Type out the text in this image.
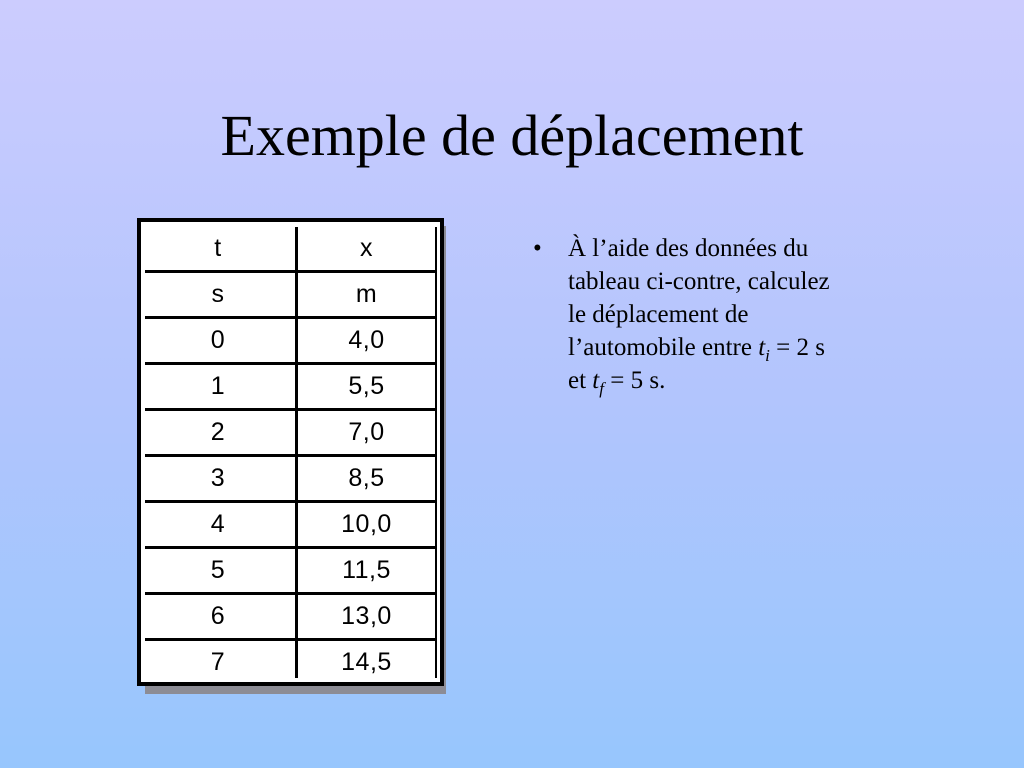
Exemple de déplacement
t	x
s	m
0	4,0
1	5,5
2	7,0
3	8,5
4	10,0
5	11,5
6	13,0
7	14,5
• À l’aide des données du
tableau ci-contre, calculez
le déplacement de
l’automobile entre $t_i = 2$ s
et $t_f = 5$ s.
